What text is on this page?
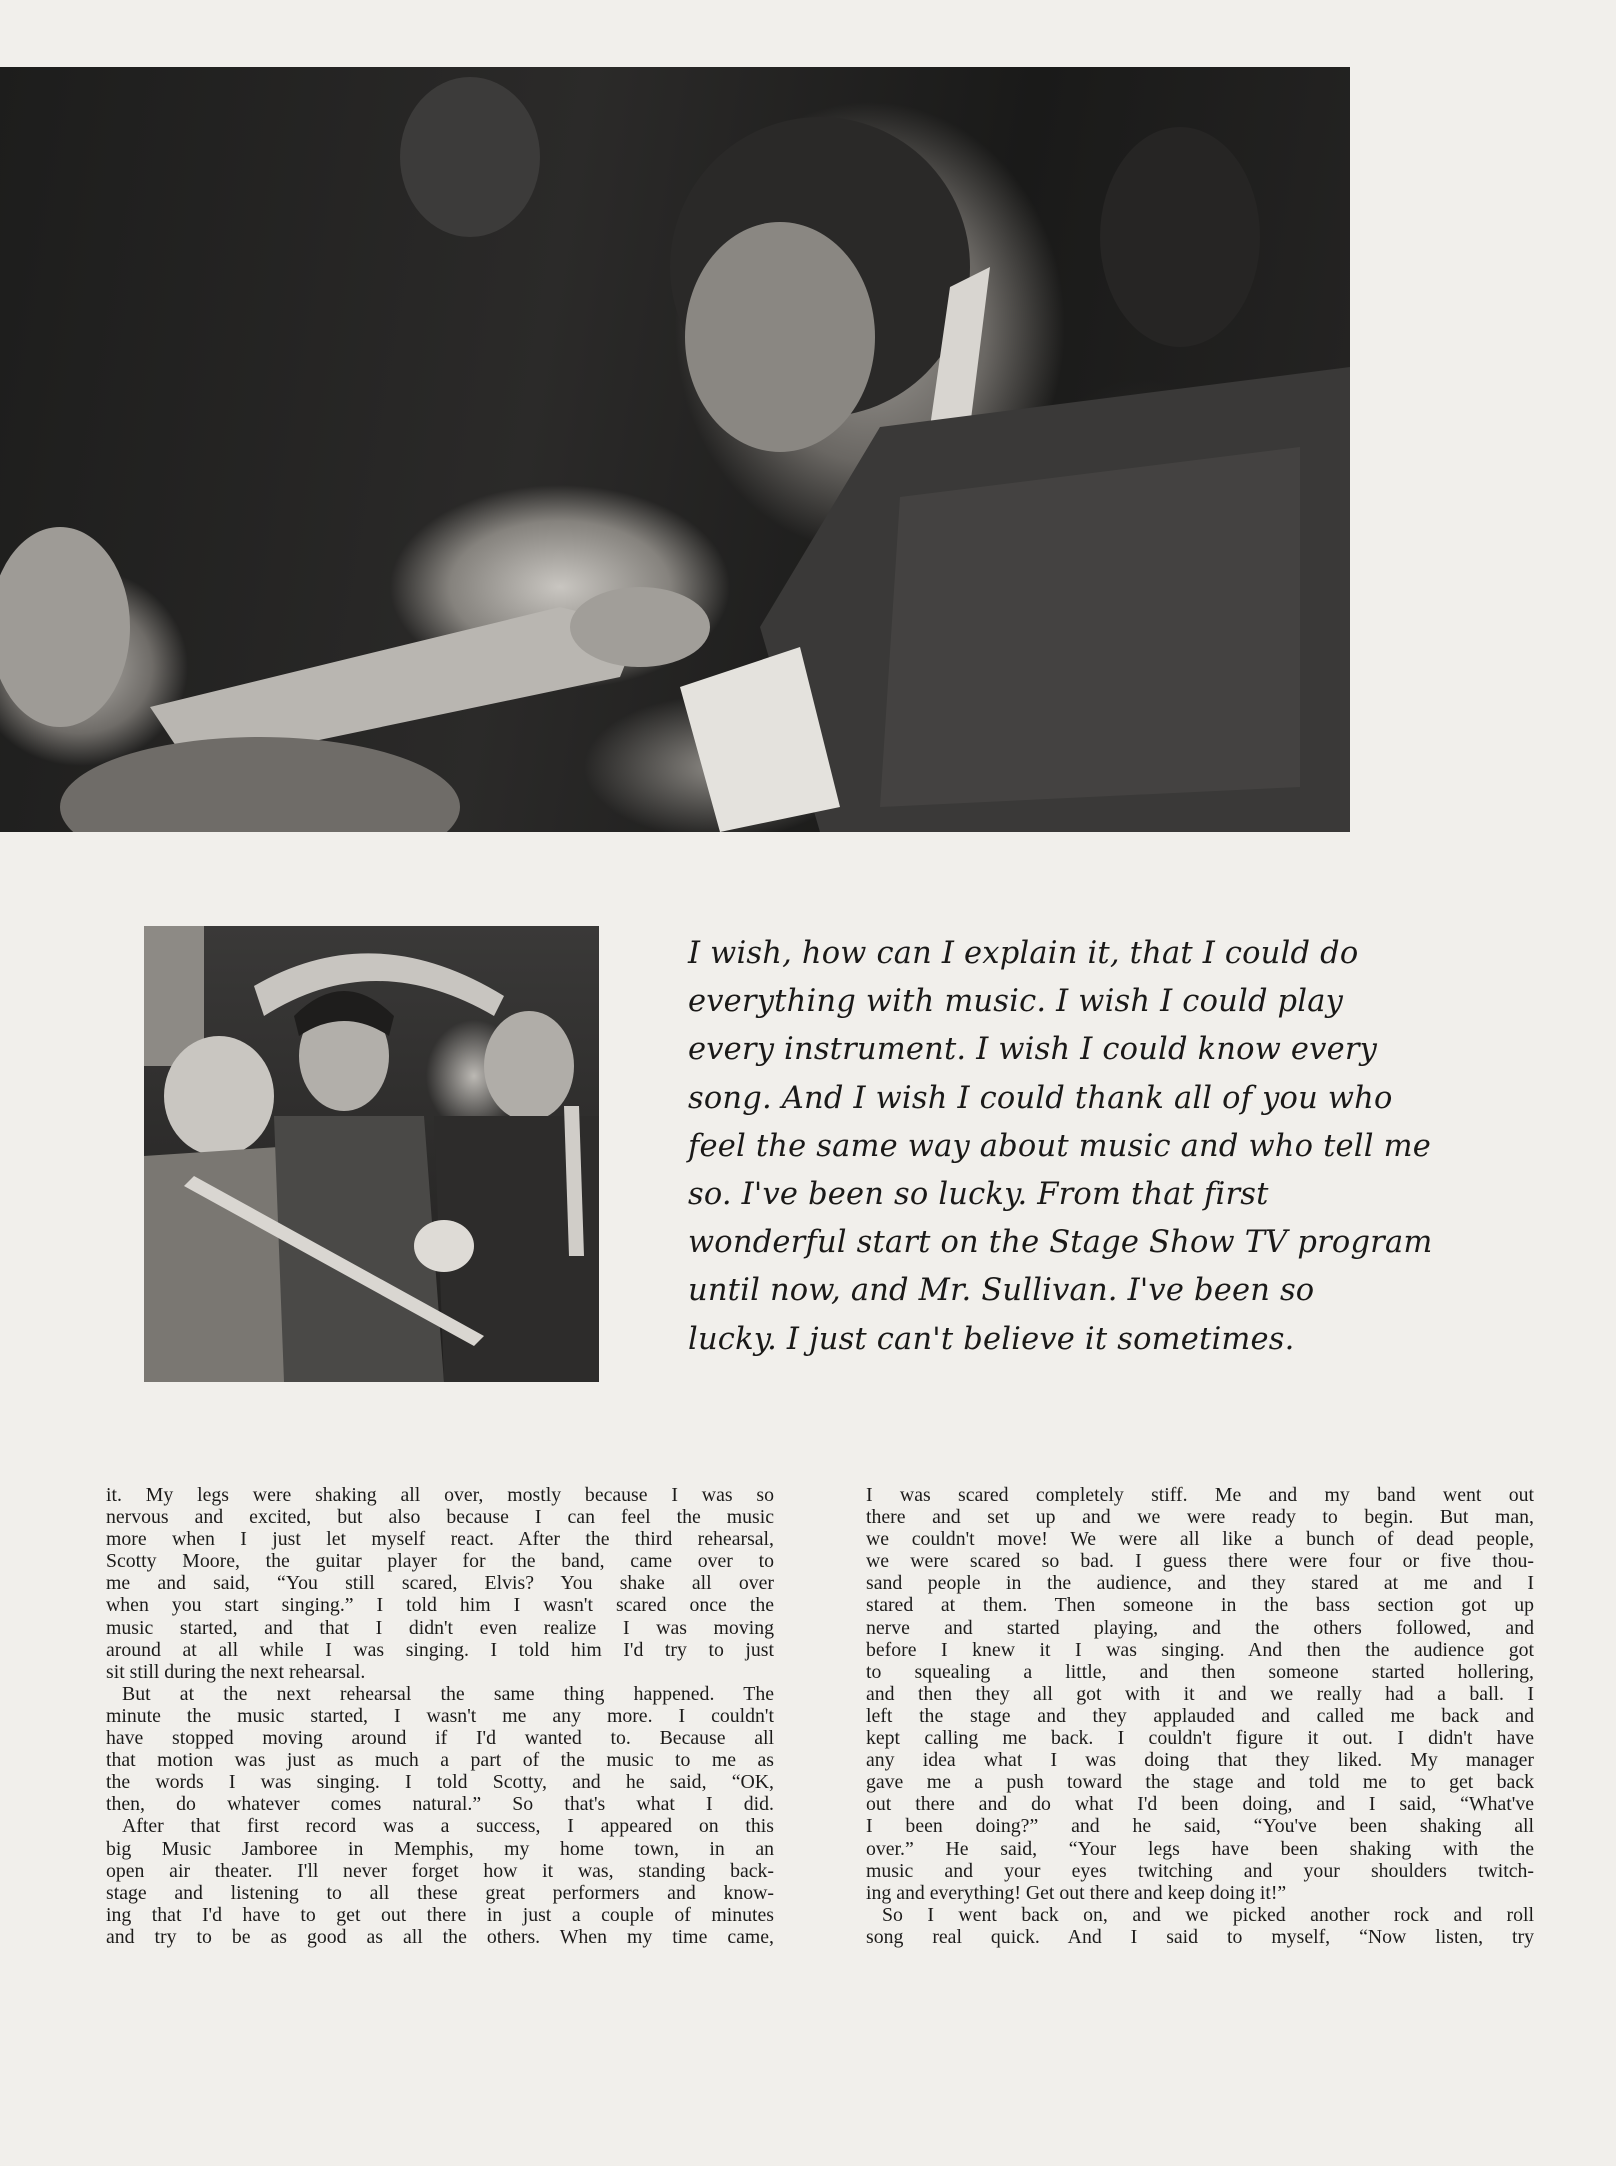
I wish, how can I explain it, that I could do
everything with music. I wish I could play
every instrument. I wish I could know every
song. And I wish I could thank all of you who
feel the same way about music and who tell me
so. I've been so lucky. From that first
wonderful start on the Stage Show TV program
until now, and Mr. Sullivan. I've been so
lucky. I just can't believe it sometimes.
it. My legs were shaking all over, mostly because I was so
nervous and excited, but also because I can feel the music
more when I just let myself react. After the third rehearsal,
Scotty Moore, the guitar player for the band, came over to
me and said, “You still scared, Elvis? You shake all over
when you start singing.” I told him I wasn't scared once the
music started, and that I didn't even realize I was moving
around at all while I was singing. I told him I'd try to just
sit still during the next rehearsal.
But at the next rehearsal the same thing happened. The
minute the music started, I wasn't me any more. I couldn't
have stopped moving around if I'd wanted to. Because all
that motion was just as much a part of the music to me as
the words I was singing. I told Scotty, and he said, “OK,
then, do whatever comes natural.” So that's what I did.
After that first record was a success, I appeared on this
big Music Jamboree in Memphis, my home town, in an
open air theater. I'll never forget how it was, standing back-
stage and listening to all these great performers and know-
ing that I'd have to get out there in just a couple of minutes
and try to be as good as all the others. When my time came,
I was scared completely stiff. Me and my band went out
there and set up and we were ready to begin. But man,
we couldn't move! We were all like a bunch of dead people,
we were scared so bad. I guess there were four or five thou-
sand people in the audience, and they stared at me and I
stared at them. Then someone in the bass section got up
nerve and started playing, and the others followed, and
before I knew it I was singing. And then the audience got
to squealing a little, and then someone started hollering,
and then they all got with it and we really had a ball. I
left the stage and they applauded and called me back and
kept calling me back. I couldn't figure it out. I didn't have
any idea what I was doing that they liked. My manager
gave me a push toward the stage and told me to get back
out there and do what I'd been doing, and I said, “What've
I been doing?” and he said, “You've been shaking all
over.” He said, “Your legs have been shaking with the
music and your eyes twitching and your shoulders twitch-
ing and everything! Get out there and keep doing it!”
So I went back on, and we picked another rock and roll
song real quick. And I said to myself, “Now listen, try
